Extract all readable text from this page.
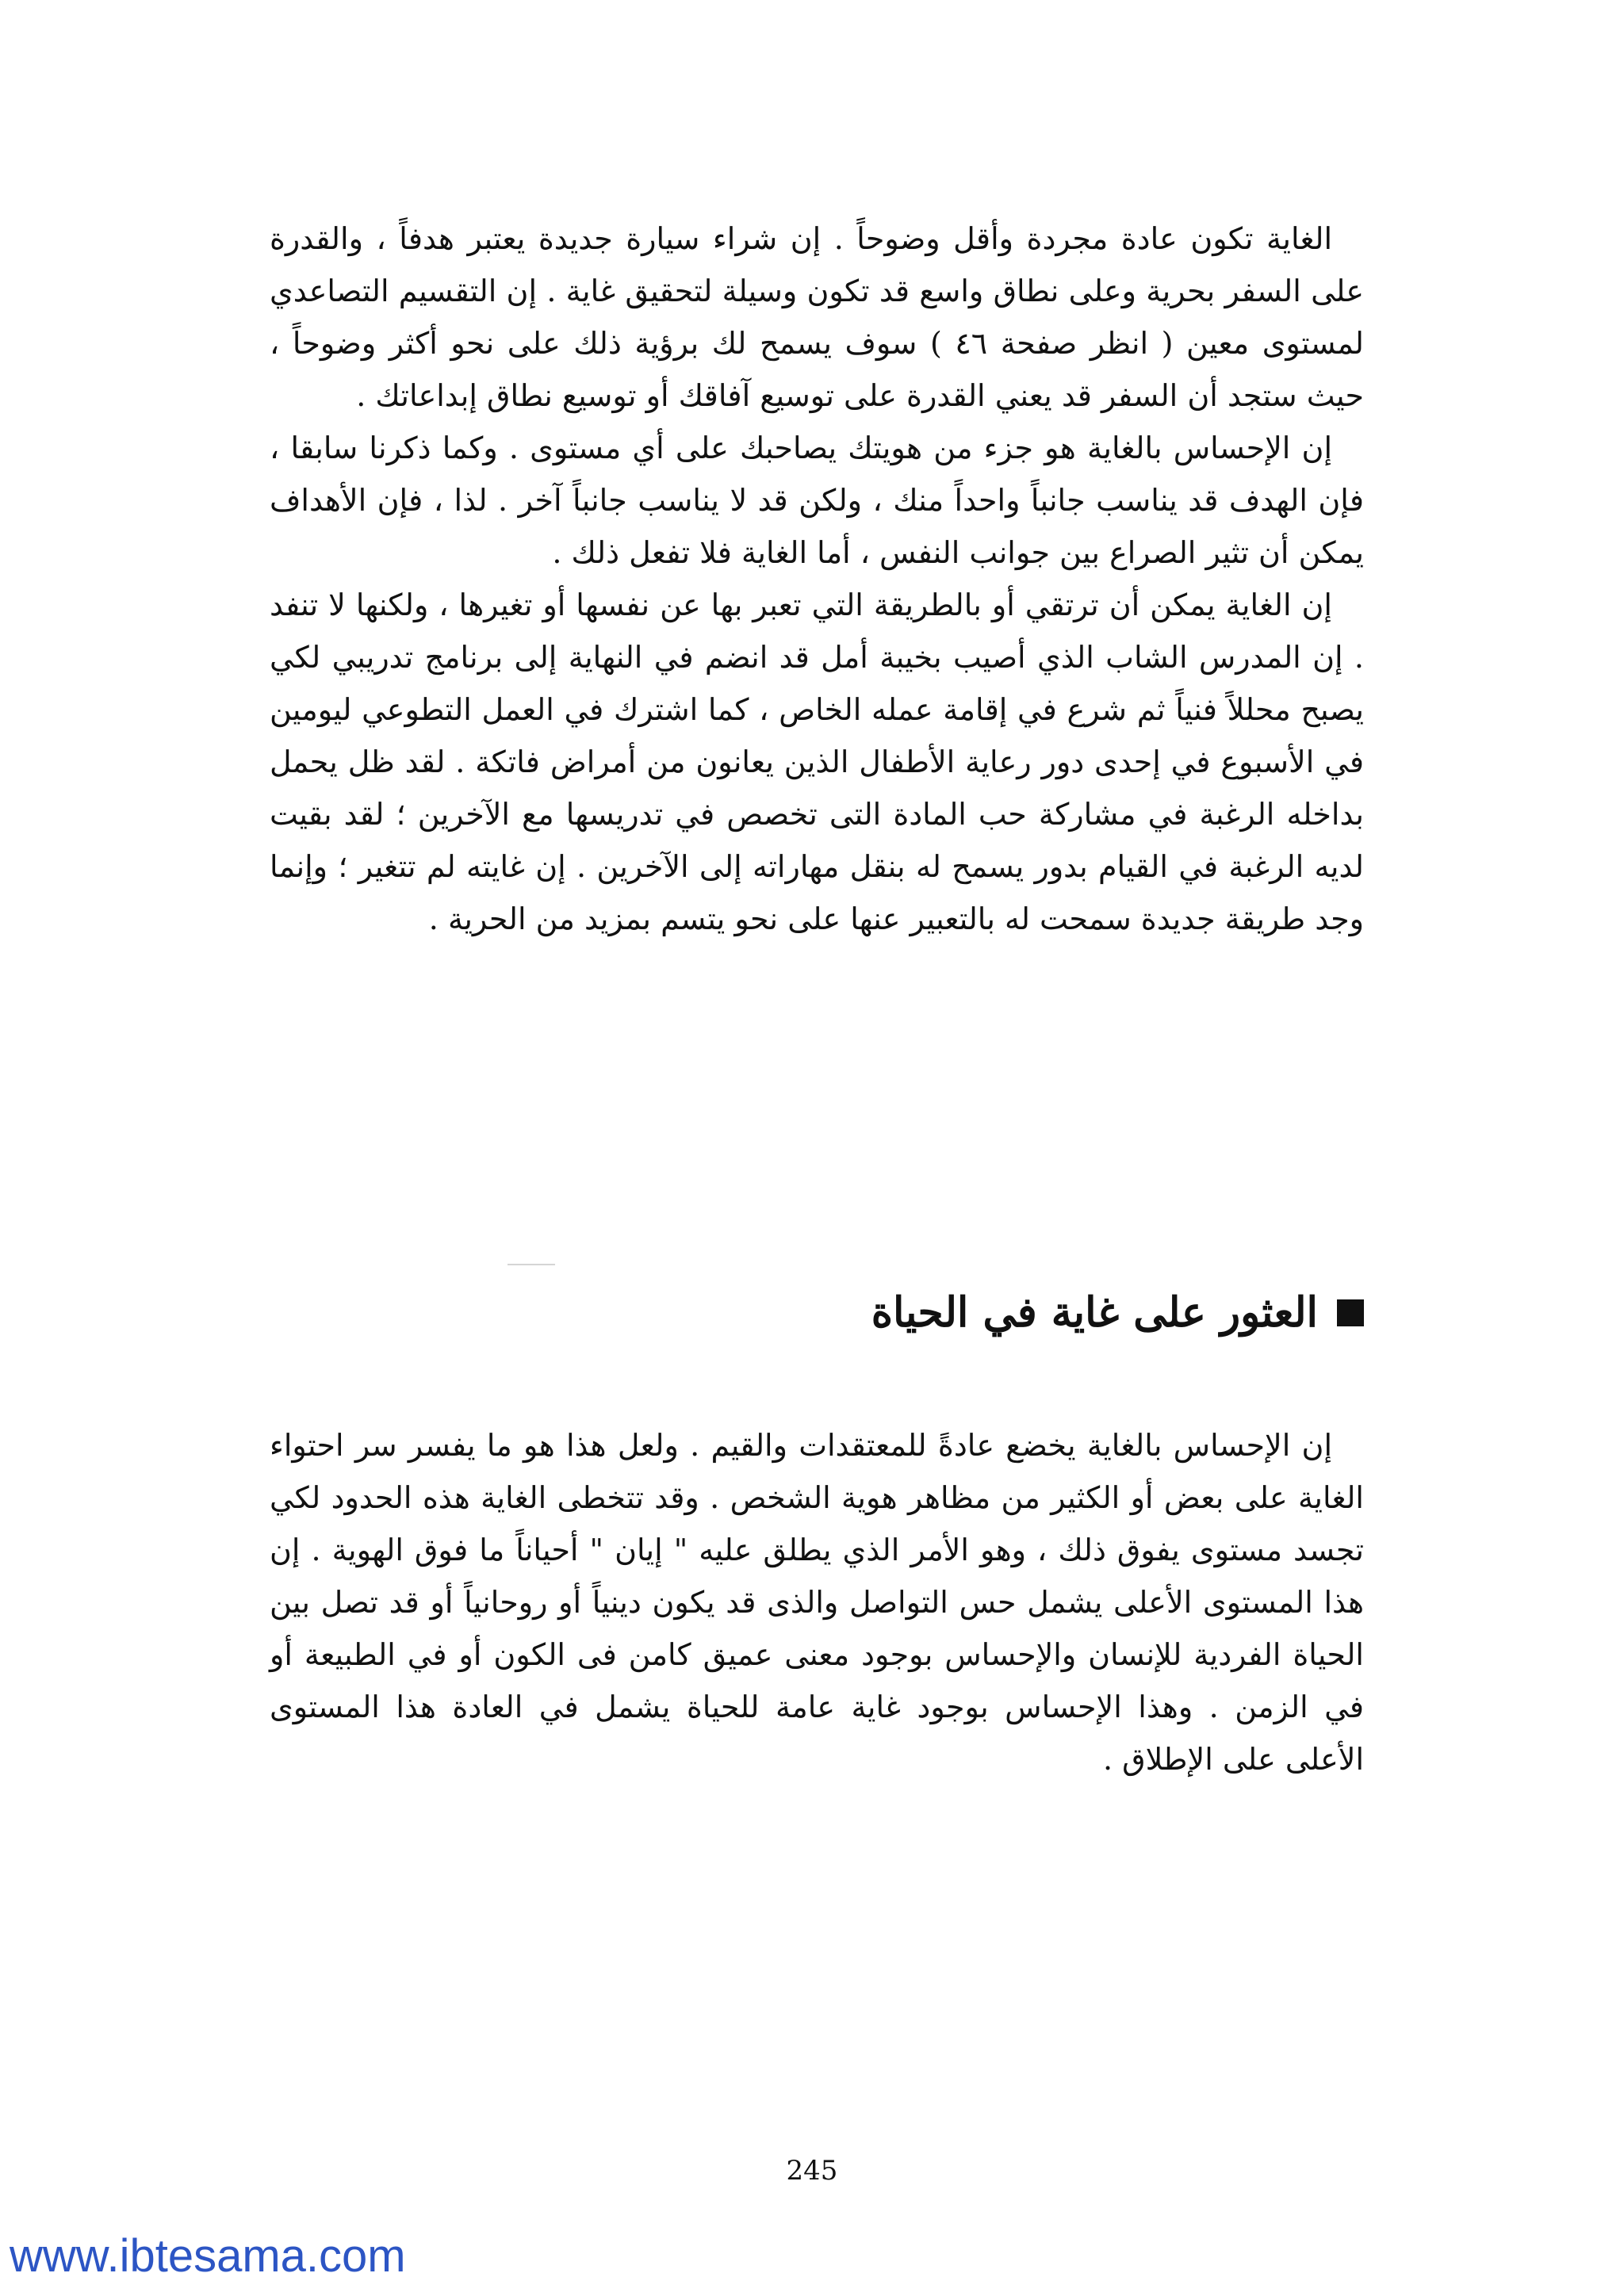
الغاية تكون عادة مجردة وأقل وضوحاً . إن شراء سيارة جديدة يعتبر هدفاً ، والقدرة على السفر بحرية وعلى نطاق واسع قد تكون وسيلة لتحقيق غاية . إن التقسيم التصاعدي لمستوى معين ( انظر صفحة ٤٦ ) سوف يسمح لك برؤية ذلك على نحو أكثر وضوحاً ، حيث ستجد أن السفر قد يعني القدرة على توسيع آفاقك أو توسيع نطاق إبداعاتك .

إن الإحساس بالغاية هو جزء من هويتك يصاحبك على أي مستوى . وكما ذكرنا سابقا ، فإن الهدف قد يناسب جانباً واحداً منك ، ولكن قد لا يناسب جانباً آخر . لذا ، فإن الأهداف يمكن أن تثير الصراع بين جوانب النفس ، أما الغاية فلا تفعل ذلك .

إن الغاية يمكن أن ترتقي أو بالطريقة التي تعبر بها عن نفسها أو تغيرها ، ولكنها لا تنفد . إن المدرس الشاب الذي أصيب بخيبة أمل قد انضم في النهاية إلى برنامج تدريبي لكي يصبح محللاً فنياً ثم شرع في إقامة عمله الخاص ، كما اشترك في العمل التطوعي ليومين في الأسبوع في إحدى دور رعاية الأطفال الذين يعانون من أمراض فاتكة . لقد ظل يحمل بداخله الرغبة في مشاركة حب المادة التى تخصص في تدريسها مع الآخرين ؛ لقد بقيت لديه الرغبة في القيام بدور يسمح له بنقل مهاراته إلى الآخرين . إن غايته لم تتغير ؛ وإنما وجد طريقة جديدة سمحت له بالتعبير عنها على نحو يتسم بمزيد من الحرية .

العثور على غاية في الحياة

إن الإحساس بالغاية يخضع عادةً للمعتقدات والقيم . ولعل هذا هو ما يفسر سر احتواء الغاية على بعض أو الكثير من مظاهر هوية الشخص . وقد تتخطى الغاية هذه الحدود لكي تجسد مستوى يفوق ذلك ، وهو الأمر الذي يطلق عليه " إيان " أحياناً ما فوق الهوية . إن هذا المستوى الأعلى يشمل حس التواصل والذى قد يكون دينياً أو روحانياً أو قد تصل بين الحياة الفردية للإنسان والإحساس بوجود معنى عميق كامن فى الكون أو في الطبيعة أو في الزمن . وهذا الإحساس بوجود غاية عامة للحياة يشمل في العادة هذا المستوى الأعلى على الإطلاق .

245
www.ibtesama.com
